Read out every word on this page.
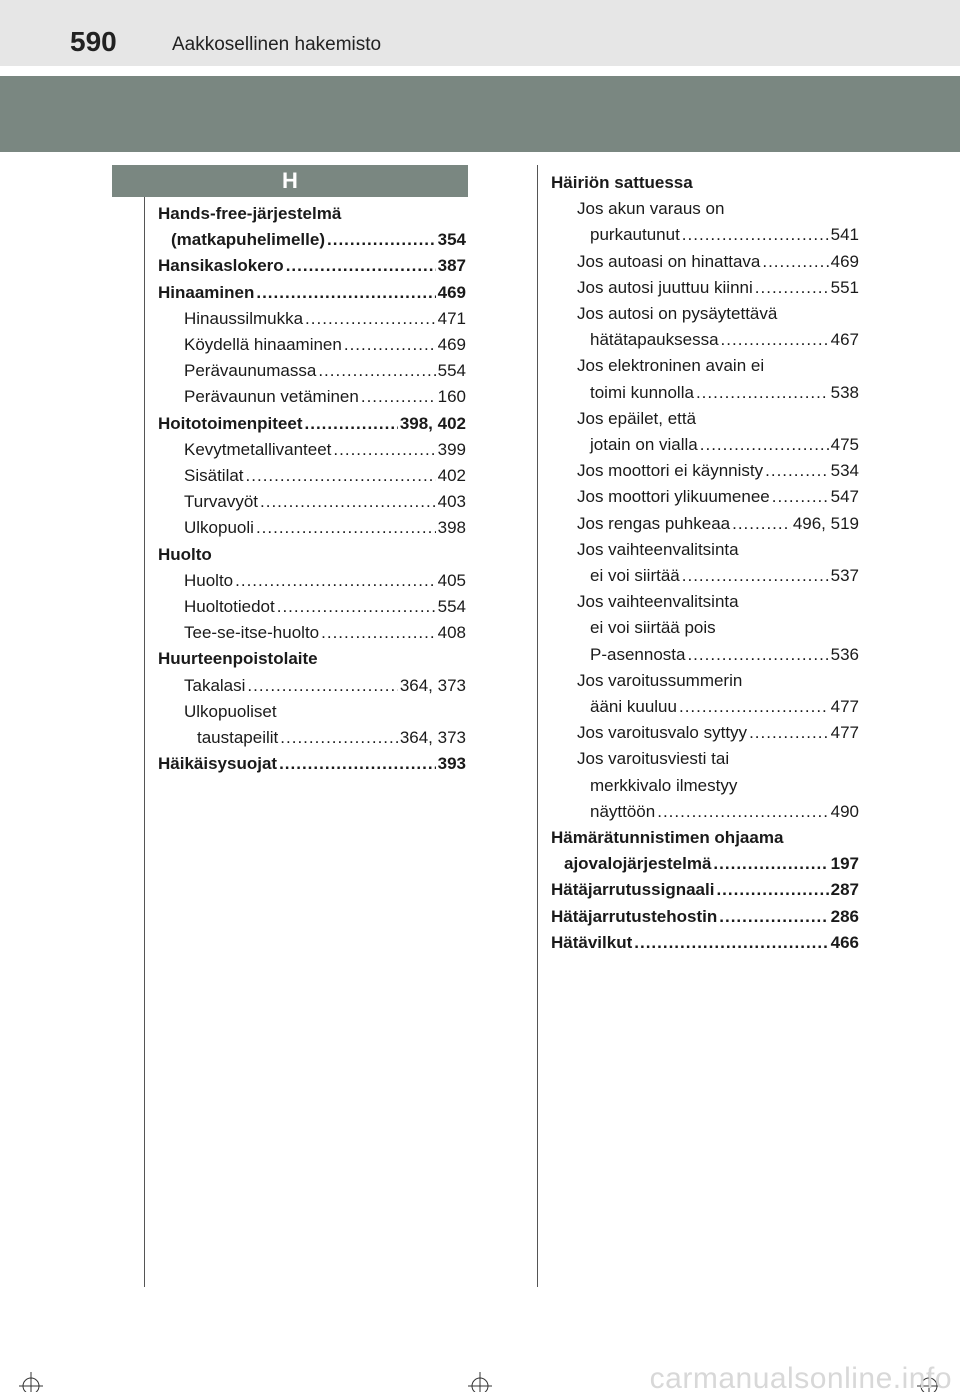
590	Aakkosellinen hakemisto
H
Hands-free-järjestelmä
(matkapuhelimelle) .....	354
Hansikaslokero .....	387
Hinaaminen .....	469
Hinaussilmukka .....	471
Köydellä hinaaminen .....	469
Perävaunumassa .....	554
Perävaunun vetäminen .....	160
Hoitotoimenpiteet .....	398, 402
Kevytmetallivanteet .....	399
Sisätilat .....	402
Turvavyöt .....	403
Ulkopuoli .....	398
Huolto
Huolto .....	405
Huoltotiedot .....	554
Tee-se-itse-huolto .....	408
Huurteenpoistolaite
Takalasi .....	364, 373
Ulkopuoliset
taustapeilit .....	364, 373
Häikäisysuojat .....	393
Häiriön sattuessa
Jos akun varaus on
purkautunut .....	541
Jos autoasi on hinattava .....	469
Jos autosi juuttuu kiinni .....	551
Jos autosi on pysäytettävä
hätätapauksessa .....	467
Jos elektroninen avain ei
toimi kunnolla .....	538
Jos epäilet, että
jotain on vialla .....	475
Jos moottori ei käynnisty .....	534
Jos moottori ylikuumenee .....	547
Jos rengas puhkeaa .....	496, 519
Jos vaihteenvalitsinta
ei voi siirtää .....	537
Jos vaihteenvalitsinta
ei voi siirtää pois
P-asennosta .....	536
Jos varoitussummerin
ääni kuuluu .....	477
Jos varoitusvalo syttyy .....	477
Jos varoitusviesti tai
merkkivalo ilmestyy
näyttöön .....	490
Hämärätunnistimen ohjaama
ajovalojärjestelmä .....	197
Hätäjarrutussignaali .....	287
Hätäjarrutustehostin .....	286
Hätävilkut .....	466
carmanualsonline.info
